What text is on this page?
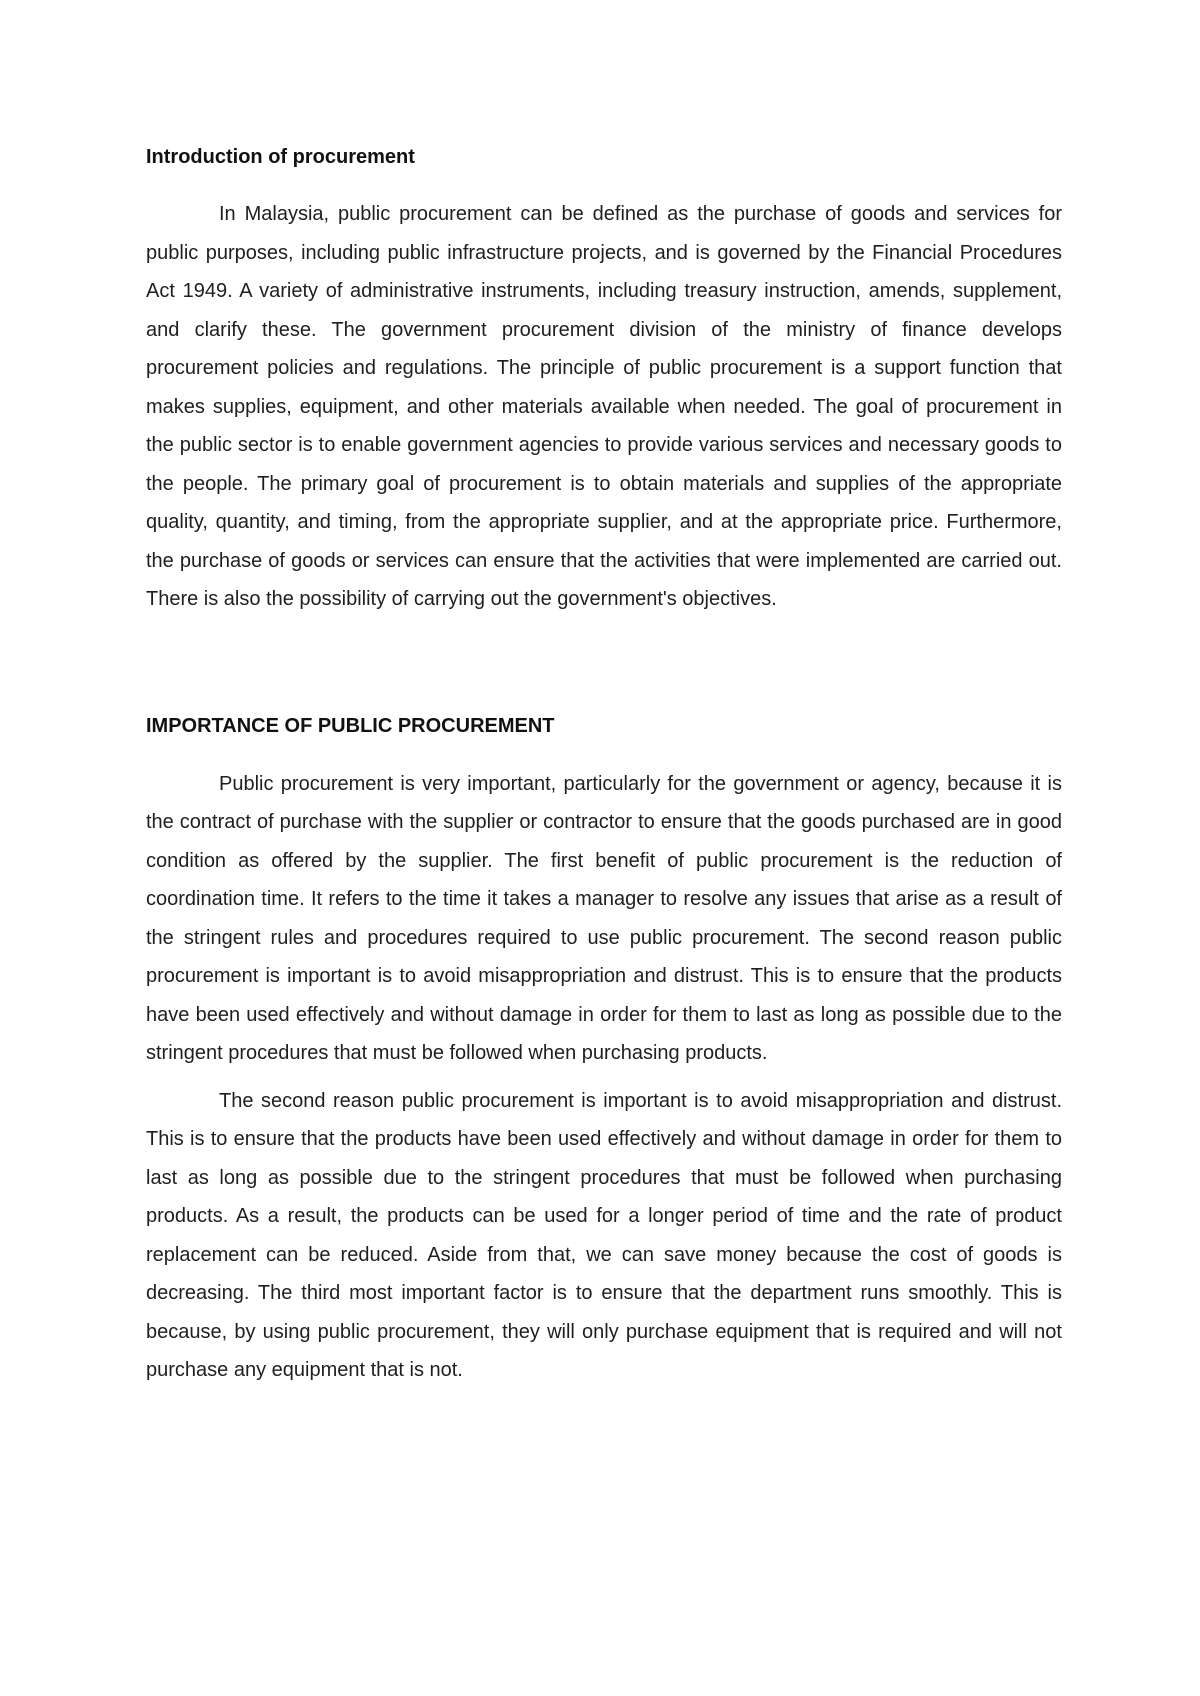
Introduction of procurement

In Malaysia, public procurement can be defined as the purchase of goods and services for public purposes, including public infrastructure projects, and is governed by the Financial Procedures Act 1949. A variety of administrative instruments, including treasury instruction, amends, supplement, and clarify these. The government procurement division of the ministry of finance develops procurement policies and regulations. The principle of public procurement is a support function that makes supplies, equipment, and other materials available when needed. The goal of procurement in the public sector is to enable government agencies to provide various services and necessary goods to the people. The primary goal of procurement is to obtain materials and supplies of the appropriate quality, quantity, and timing, from the appropriate supplier, and at the appropriate price. Furthermore, the purchase of goods or services can ensure that the activities that were implemented are carried out. There is also the possibility of carrying out the government's objectives.

IMPORTANCE OF PUBLIC PROCUREMENT

Public procurement is very important, particularly for the government or agency, because it is the contract of purchase with the supplier or contractor to ensure that the goods purchased are in good condition as offered by the supplier. The first benefit of public procurement is the reduction of coordination time. It refers to the time it takes a manager to resolve any issues that arise as a result of the stringent rules and procedures required to use public procurement. The second reason public procurement is important is to avoid misappropriation and distrust. This is to ensure that the products have been used effectively and without damage in order for them to last as long as possible due to the stringent procedures that must be followed when purchasing products.

The second reason public procurement is important is to avoid misappropriation and distrust. This is to ensure that the products have been used effectively and without damage in order for them to last as long as possible due to the stringent procedures that must be followed when purchasing products. As a result, the products can be used for a longer period of time and the rate of product replacement can be reduced. Aside from that, we can save money because the cost of goods is decreasing. The third most important factor is to ensure that the department runs smoothly. This is because, by using public procurement, they will only purchase equipment that is required and will not purchase any equipment that is not.
